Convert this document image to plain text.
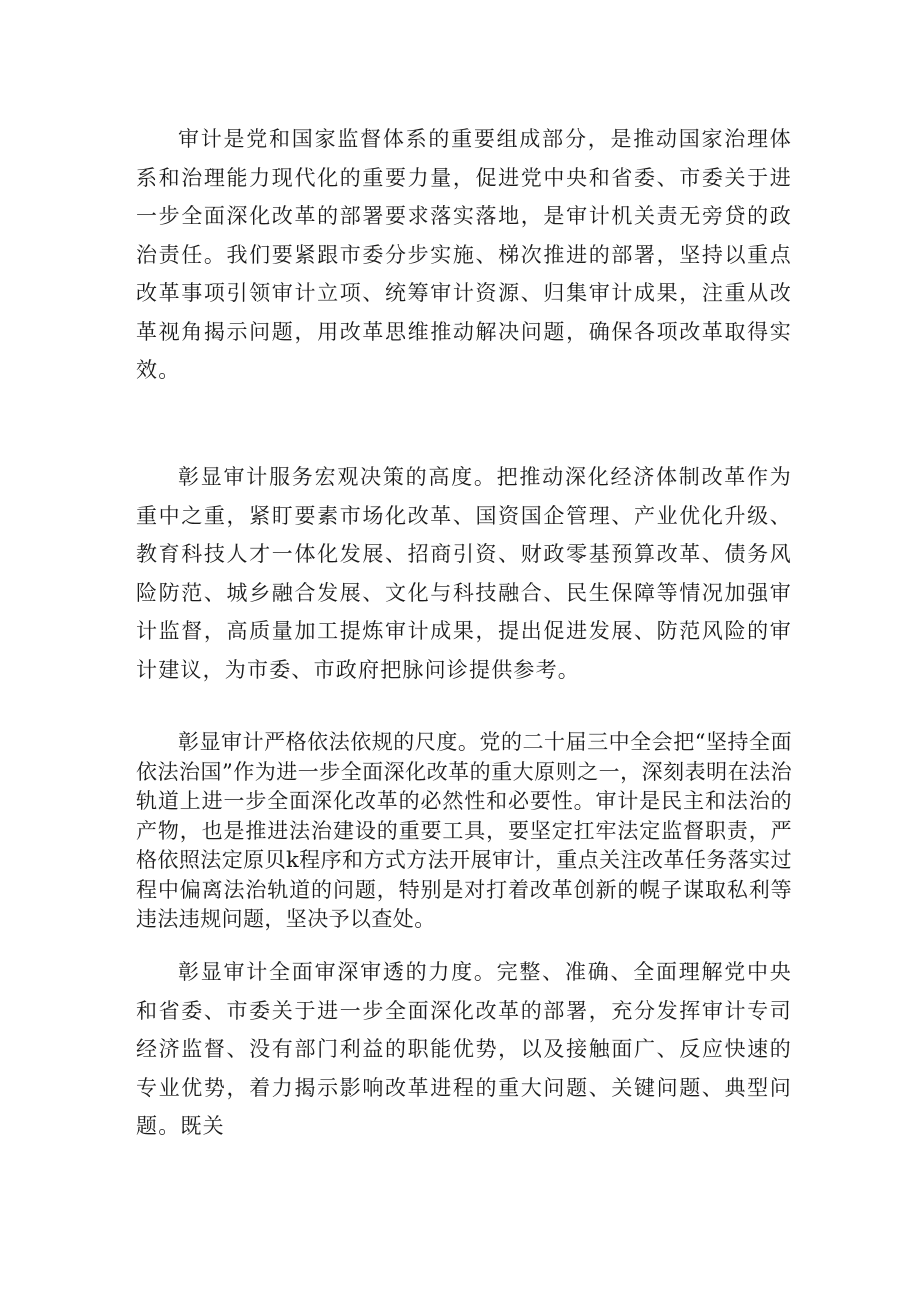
审计是党和国家监督体系的重要组成部分，是推动国家治理体系和治理能力现代化的重要力量，促进党中央和省委、市委关于进一步全面深化改革的部署要求落实落地，是审计机关责无旁贷的政治责任。我们要紧跟市委分步实施、梯次推进的部署，坚持以重点改革事项引领审计立项、统筹审计资源、归集审计成果，注重从改革视角揭示问题，用改革思维推动解决问题，确保各项改革取得实效。

彰显审计服务宏观决策的高度。把推动深化经济体制改革作为重中之重，紧盯要素市场化改革、国资国企管理、产业优化升级、教育科技人才一体化发展、招商引资、财政零基预算改革、债务风险防范、城乡融合发展、文化与科技融合、民生保障等情况加强审计监督，高质量加工提炼审计成果，提出促进发展、防范风险的审计建议，为市委、市政府把脉问诊提供参考。

彰显审计严格依法依规的尺度。党的二十届三中全会把“坚持全面依法治国”作为进一步全面深化改革的重大原则之一，深刻表明在法治轨道上进一步全面深化改革的必然性和必要性。审计是民主和法治的产物，也是推进法治建设的重要工具，要坚定扛牢法定监督职责，严格依照法定原贝k程序和方式方法开展审计，重点关注改革任务落实过程中偏离法治轨道的问题，特别是对打着改革创新的幌子谋取私利等违法违规问题，坚决予以查处。

彰显审计全面审深审透的力度。完整、准确、全面理解党中央和省委、市委关于进一步全面深化改革的部署，充分发挥审计专司经济监督、没有部门利益的职能优势，以及接触面广、反应快速的专业优势，着力揭示影响改革进程的重大问题、关键问题、典型问题。既关
